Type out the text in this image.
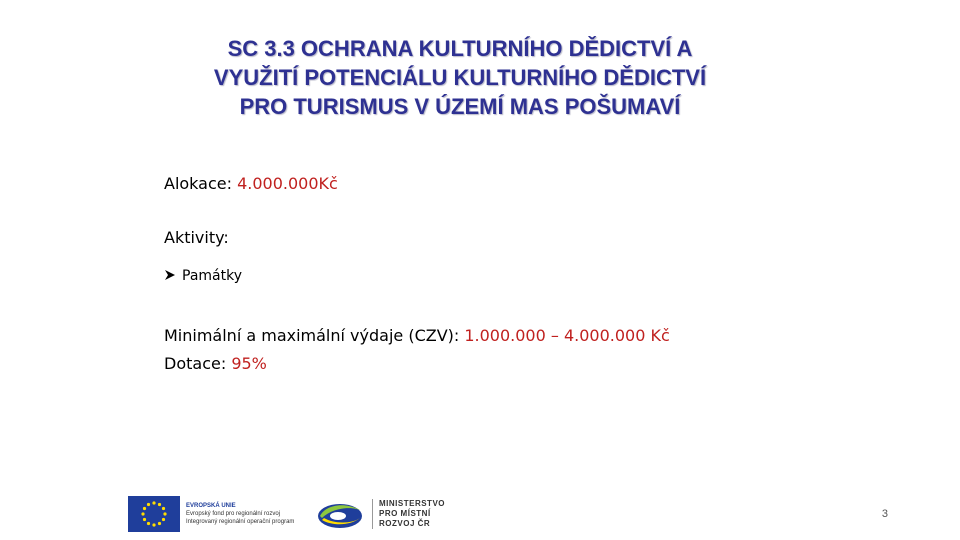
SC 3.3 OCHRANA KULTURNÍHO DĚDICTVÍ A
VYUŽITÍ POTENCIÁLU KULTURNÍHO DĚDICTVÍ
PRO TURISMUS V ÚZEMÍ MAS POŠUMAVÍ
Alokace: 4.000.000Kč
Aktivity:
Památky
Minimální a maximální výdaje (CZV): 1.000.000 – 4.000.000 Kč
Dotace: 95%
EVROPSKÁ UNIE
Evropský fond pro regionální rozvoj
Integrovaný regionální operační program
MINISTERSTVO
PRO MÍSTNÍ
ROZVOJ ČR
3
